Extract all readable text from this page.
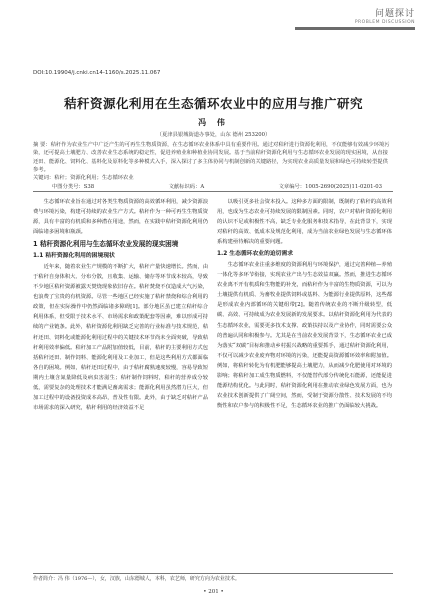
问题探讨
PROBLEM DISCUSSION
DOI:10.19904/j.cnki.cn14-1160/s.2025.11.067
秸秆资源化利用在生态循环农业中的应用与推广研究
冯 伟
（夏津县银城街道办事处，山东 德州 253200）
摘 要：秸秆作为农业生产中广泛产生的可再生生物质资源，在生态循环农业体系中具有重要作用。通过对秸秆进行资源化利用，不仅能够有效减少环境污染，还可提高土壤肥力、改善农业生态系统的稳定性，促进养殖业和种植业协同发展。基于当前秸秆资源化利用与生态循环农业发展的现实困境，从直接还田、能源化、饲料化、基料化及原料化等多种模式入手，深入探讨了多主体协同与机制创新的关键路径，为实现农业高质量发展和绿色可持续转型提供参考。
关键词：秸秆；资源化利用；生态循环农业
中图分类号：S38	文献标识码：A	文章编号：1005-2690(2025)11-0201-03

生态循环农业旨在通过对各类生物质资源的高效循环利用，减少资源浪费与环境污染，构建可持续的农业生产方式。秸秆作为一种可再生生物质资源，具有丰富的有机质和多种潜在用途，然而，在实践中秸秆资源化利用仍面临诸多困境和瓶颈。

1 秸秆资源化利用与生态循环农业发展的现实困境
1.1 秸秆资源化利用的困境现状

近年来，随着农业生产规模的不断扩大，秸秆产量快速增长。然而，由于秸秆自身体积大、分布分散，且收集、运输、储存等环节成本较高，导致不少地区秸秆资源被露天焚烧现象依旧存在。秸秆焚烧不仅造成大气污染，也浪费了宝贵的有机资源。尽管一些地区已经实施了秸秆禁烧和综合利用的政策，但在实际操作中仍然面临诸多障碍[1]。部分地区虽已建立秸秆综合利用体系，但受限于技术水平、市场需求和政策配套等因素，难以形成可持续的产业链条。此外，秸秆资源化利用缺乏完善的行业标准与技术规范，秸秆还田、饲料化或能源化利用过程中的关键技术环节尚未全面突破，导致秸秆利用效率偏低。秸秆加工产品附加值较低，目前，秸秆的主要利用方式包括秸秆还田、制作饲料、能源化利用及工业加工，但是这些利用方式都面临各自的困境。例如，秸秆还田过程中，由于秸秆腐熟速度较慢，容易导致短期内土壤含氮量降低及病虫害滋生；秸秆制作饲料时，秸秆的营养成分较低，需要复杂的处理技术才能满足畜禽需求；能源化利用虽然潜力巨大，但加工过程中的设备投资成本高昂，普及性有限。此外，由于缺乏对秸秆产品市场需求的深入研究，秸秆利用的经济效益不足

以吸引更多社会资本投入。这种多方面的限制，既制约了秸秆的高效利用，也成为生态农业可持续发展的限制因素。同时，农户对秸秆资源化利用的认识不足或积极性不高，缺乏专业化服务和技术指导，在此背景下，实现对秸秆的高效、低成本及规范化利用，成为当前农业绿色发展与生态循环体系构建亟待解决的重要问题。

1.2 生态循环农业的迫切需求

生态循环农业注重多维度的资源利用与环境保护，通过完善种植—养殖一体化等多环节衔接，实现农业产出与生态效益双赢。然而，推进生态循环农业离不开有机质和生物能的补充，而秸秆作为丰富的生物质资源，可以为土壤提供有机质、为畜牧业提供饲料或基料、为能源行业提供原料，这些都是形成农业内部循环的关键组带[2]。随着传统农业的不断升级转型，低碳、高效、可持续成为农业发展新的发展要求。以秸秆资源化利用为代表的生态循环农业，需要更多技术支撑、政策扶持以及产业协作，同时需要公众的普遍认同和积极参与。尤其是在当前农业发展背景下，生态循环农业已成为落实“双碳”目标和推动乡村振兴战略的重要抓手，通过秸秆资源化利用，不仅可以减少农业废弃物对环境的污染，还能提高资源循环效率和附加值。例如，将秸秆转化为有机肥能够提高土壤肥力，从而减少化肥使用对环境的影响；将秸秆加工成生物质燃料，不仅能替代部分传统化石能源，还能促进能源结构优化。与此同时，秸秆资源化利用在推动农业绿色发展方面，也为农业技术创新提供了广阔空间，然而，受制于资源分散性、技术发展的不均衡性和农户参与的积极性不足，生态循环农业的推广仍面临较大挑战。

作者简介：冯 伟（1976—），女，汉族，山东德城人，本科，农艺师，研究方向为农业技术。
• 201 •
